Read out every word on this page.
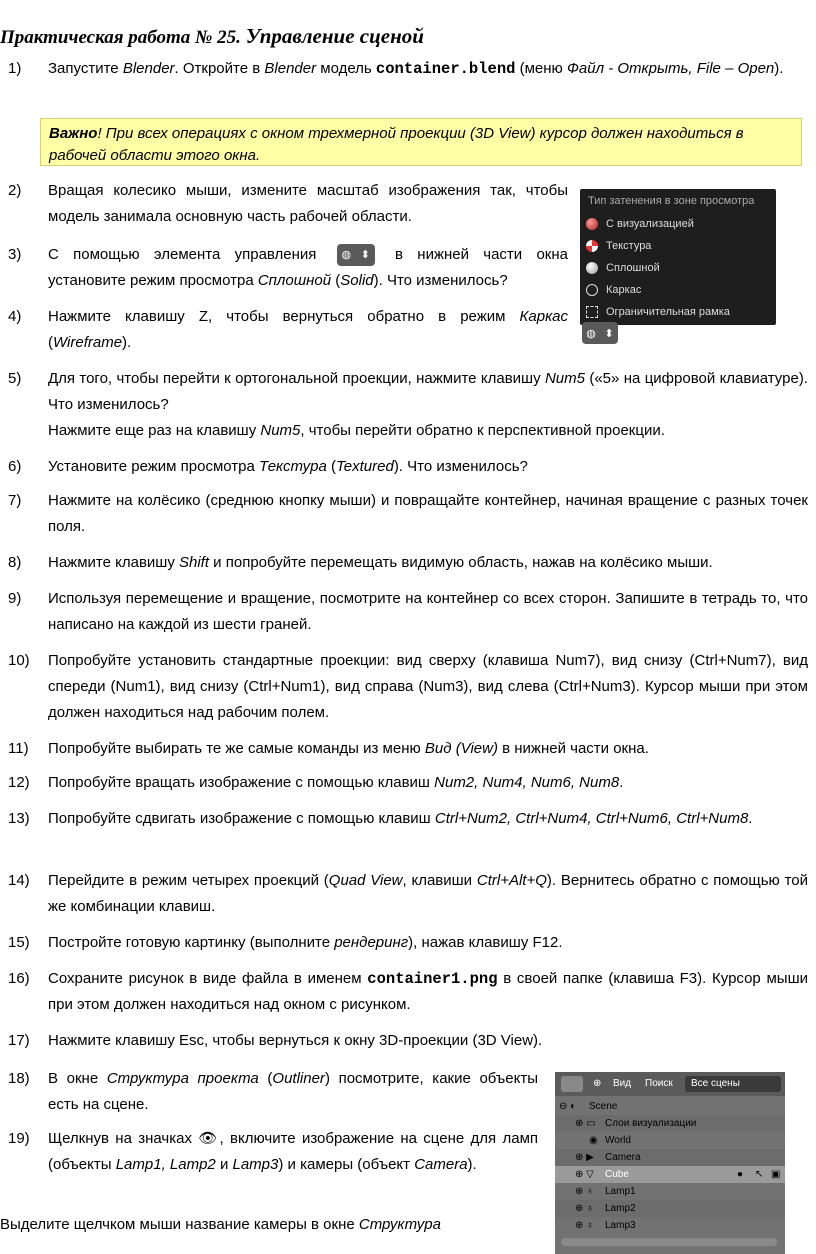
Практическая работа № 25. Управление сценой
1)	Запустите Blender. Откройте в Blender модель container.blend (меню Файл - Открыть, File – Open).
Важно! При всех операциях с окном трехмерной проекции (3D View) курсор должен находиться в рабочей области этого окна.
2)	Вращая колесико мыши, измените масштаб изображения так, чтобы модель занимала основную часть рабочей области.
3)	С помощью элемента управления ◍ ⬍ в нижней части окна установите режим просмотра Сплошной (Solid). Что изменилось?
4)	Нажмите клавишу Z, чтобы вернуться обратно в режим Каркас (Wireframe).
Тип затенения в зоне просмотра
С визуализацией
Текстура
Сплошной
Каркас
Ограничительная рамка
◍ ⬍
5)	Для того, чтобы перейти к ортогональной проекции, нажмите клавишу Num5 («5» на цифровой клавиатуре). Что изменилось?
Нажмите еще раз на клавишу Num5, чтобы перейти обратно к перспективной проекции.
6)	Установите режим просмотра Текстура (Textured). Что изменилось?
7)	Нажмите на колёсико (среднюю кнопку мыши) и повращайте контейнер, начиная вращение с разных точек поля.
8)	Нажмите клавишу Shift и попробуйте перемещать видимую область, нажав на колёсико мыши.
9)	Используя перемещение и вращение, посмотрите на контейнер со всех сторон. Запишите в тетрадь то, что написано на каждой из шести граней.
10)	Попробуйте установить стандартные проекции: вид сверху (клавиша Num7), вид снизу (Ctrl+Num7), вид спереди (Num1), вид снизу (Ctrl+Num1), вид справа (Num3), вид слева (Ctrl+Num3). Курсор мыши при этом должен находиться над рабочим полем.
11)	Попробуйте выбирать те же самые команды из меню Вид (View) в нижней части окна.
12)	Попробуйте вращать изображение с помощью клавиш Num2, Num4, Num6, Num8.
13)	Попробуйте сдвигать изображение с помощью клавиш Ctrl+Num2, Ctrl+Num4, Ctrl+Num6, Ctrl+Num8.
14)	Перейдите в режим четырех проекций (Quad View, клавиши Ctrl+Alt+Q). Вернитесь обратно с помощью той же комбинации клавиш.
15)	Постройте готовую картинку (выполните рендеринг), нажав клавишу F12.
16)	Сохраните рисунок в виде файла в именем container1.png в своей папке (клавиша F3). Курсор мыши при этом должен находиться над окном с рисунком.
17)	Нажмите клавишу Esc, чтобы вернуться к окну 3D-проекции (3D View).
18)	В окне Структура проекта (Outliner) посмотрите, какие объекты есть на сцене.
19)	Щелкнув на значках 👁, включите изображение на сцене для ламп (объекты Lamp1, Lamp2 и Lamp3) и камеры (объект Camera).
Выделите щелчком мыши название камеры в окне Структура
⊕ Вид Поиск	Все сцены
⊖ ◐ Scene
⊕ ▭ Слои визуализации
◉ World
⊕ ▶ Camera
⊕ ▽ Cube	● ↖ ▣
⊕ ♁ Lamp1
⊕ ♁ Lamp2
⊕ ♁ Lamp3
